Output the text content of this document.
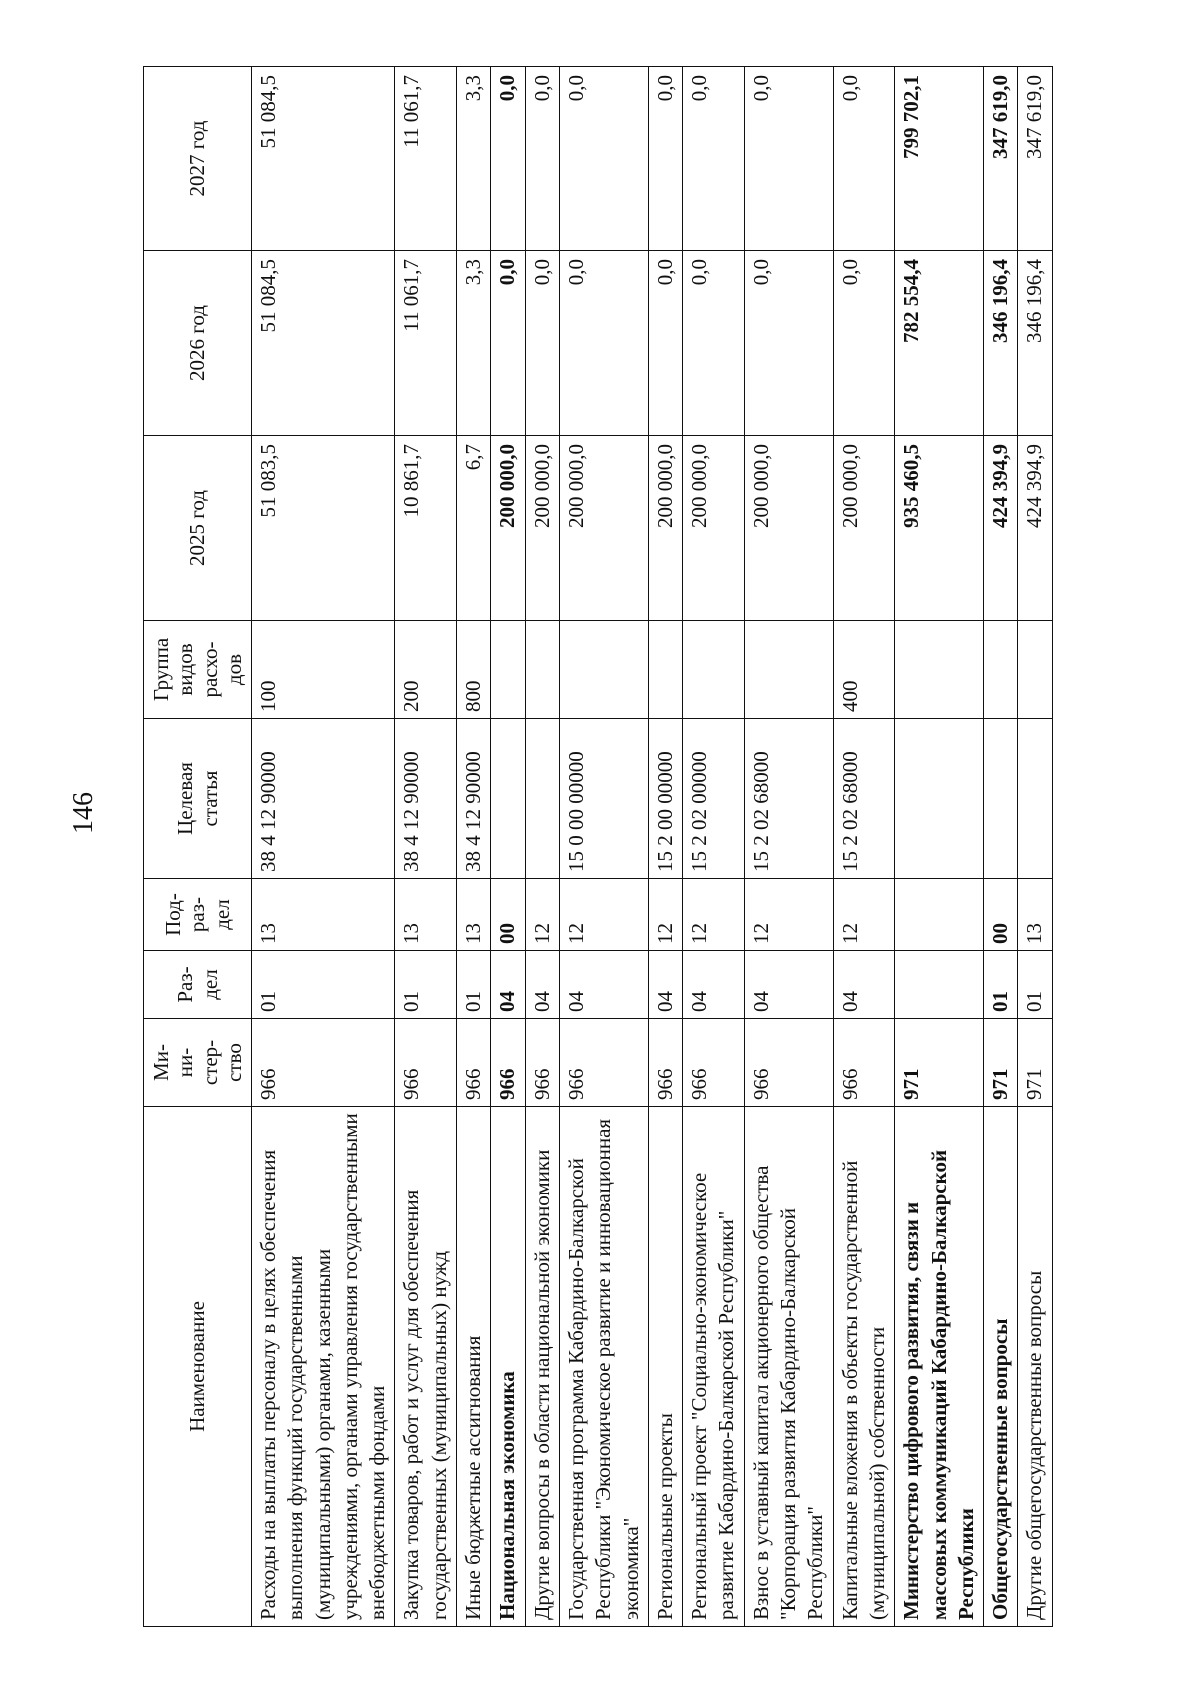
146
Наименование	Ми-
ни-
стер-
ство	Раз-
дел	Под-
раз-
дел	Целевая
статья	Группа
видов
расхо-
дов	2025 год	2026 год	2027 год
Расходы на выплаты персоналу в целях обеспечения выполнения функций государственными (муниципальными) органами, казенными учреждениями, органами управления государственными внебюджетными фондами	966	01	13	38 4 12 90000	100	51 083,5	51 084,5	51 084,5
Закупка товаров, работ и услуг для обеспечения государственных (муниципальных) нужд	966	01	13	38 4 12 90000	200	10 861,7	11 061,7	11 061,7
Иные бюджетные ассигнования	966	01	13	38 4 12 90000	800	6,7	3,3	3,3
Национальная экономика	966	04	00			200 000,0	0,0	0,0
Другие вопросы в области национальной экономики	966	04	12			200 000,0	0,0	0,0
Государственная программа Кабардино-Балкарской Республики "Экономическое развитие и инновационная экономика"	966	04	12	15 0 00 00000		200 000,0	0,0	0,0
Региональные проекты	966	04	12	15 2 00 00000		200 000,0	0,0	0,0
Региональный проект "Социально-экономическое развитие Кабардино-Балкарской Республики"	966	04	12	15 2 02 00000		200 000,0	0,0	0,0
Взнос в уставный капитал акционерного общества "Корпорация развития Кабардино-Балкарской Республики"	966	04	12	15 2 02 68000		200 000,0	0,0	0,0
Капитальные вложения в объекты государственной (муниципальной) собственности	966	04	12	15 2 02 68000	400	200 000,0	0,0	0,0
Министерство цифрового развития, связи и массовых коммуникаций Кабардино-Балкарской Республики	971					935 460,5	782 554,4	799 702,1
Общегосударственные вопросы	971	01	00			424 394,9	346 196,4	347 619,0
Другие общегосударственные вопросы	971	01	13			424 394,9	346 196,4	347 619,0
